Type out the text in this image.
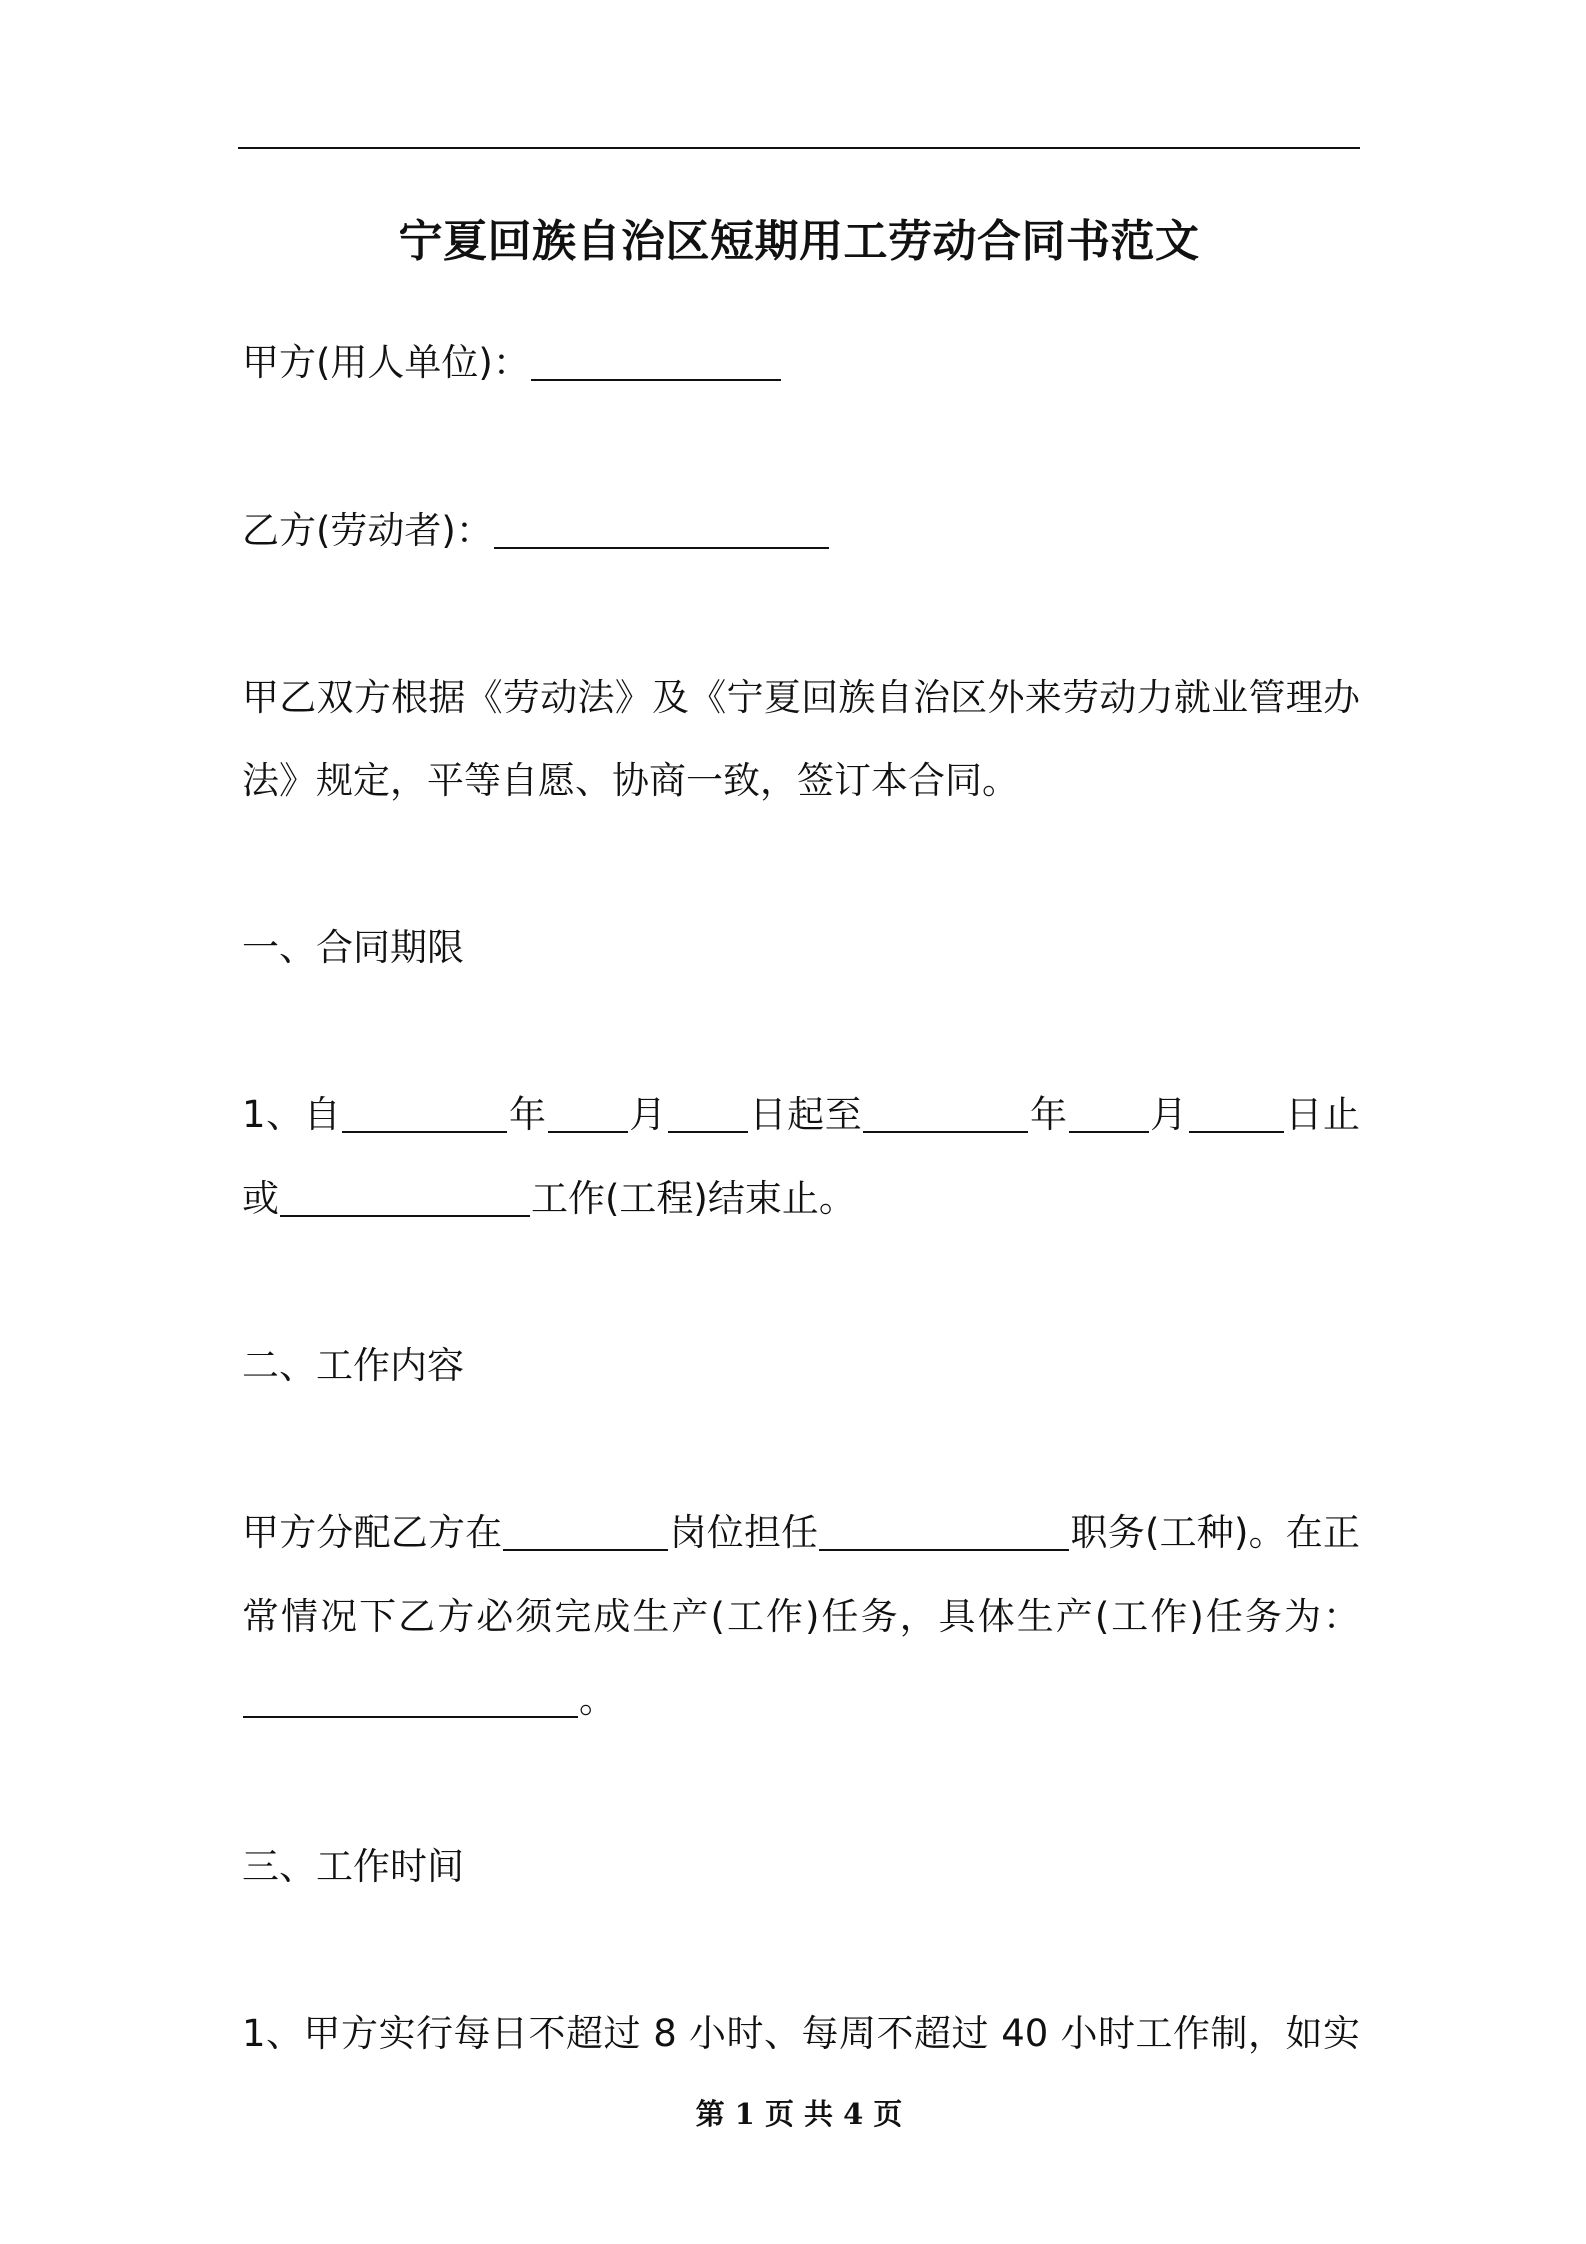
宁夏回族自治区短期用工劳动合同书范文
甲方(用人单位)：
乙方(劳动者)：
甲乙双方根据《劳动法》及《宁夏回族自治区外来劳动力就业管理办
法》规定，平等自愿、协商一致，签订本合同。
一、合同期限
1、自	年 月 日起至	年 月	日止
或	工作(工程)结束止。
二、工作内容
甲方分配乙方在	岗位担任	职务(工种)。在正
常情况下乙方必须完成生产(工作)任务，具体生产(工作)任务为：
。
三、工作时间
1、甲方实行每日不超过 8 小时、每周不超过 40 小时工作制，如实
第 1 页 共 4 页
